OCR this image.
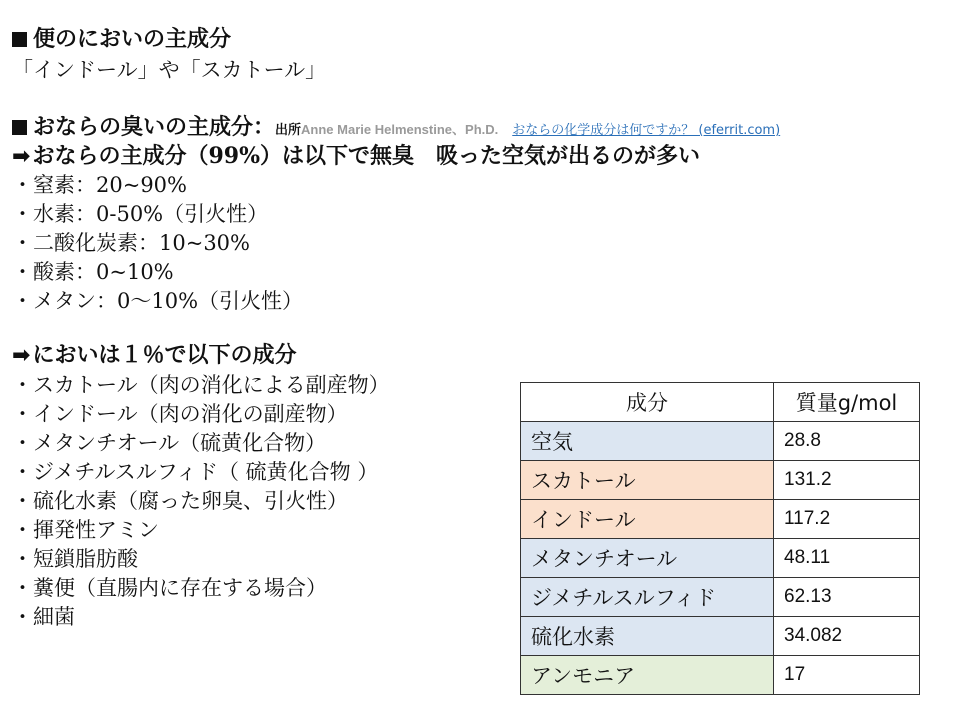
便のにおいの主成分
「インドール」や「スカトール」
おならの臭いの主成分：出所Anne Marie Helmenstine、Ph.D. おならの化学成分は何ですか？ (eferrit.com)
➡おならの主成分（99%）は以下で無臭　吸った空気が出るのが多い
・窒素：20~90%
・水素：0-50%（引火性）
・二酸化炭素：10~30%
・酸素：0~10%
・メタン：0〜10%（引火性）
➡においは１％で以下の成分
・スカトール（肉の消化による副産物）
・インドール（肉の消化の副産物）
・メタンチオール（硫黄化合物）
・ジメチルスルフィド（ 硫黄化合物 ）
・硫化水素（腐った卵臭、引火性）
・揮発性アミン
・短鎖脂肪酸
・糞便（直腸内に存在する場合）
・細菌
成分	質量g/mol
空気	28.8
スカトール	131.2
インドール	117.2
メタンチオール	48.11
ジメチルスルフィド	62.13
硫化水素	34.082
アンモニア	17
